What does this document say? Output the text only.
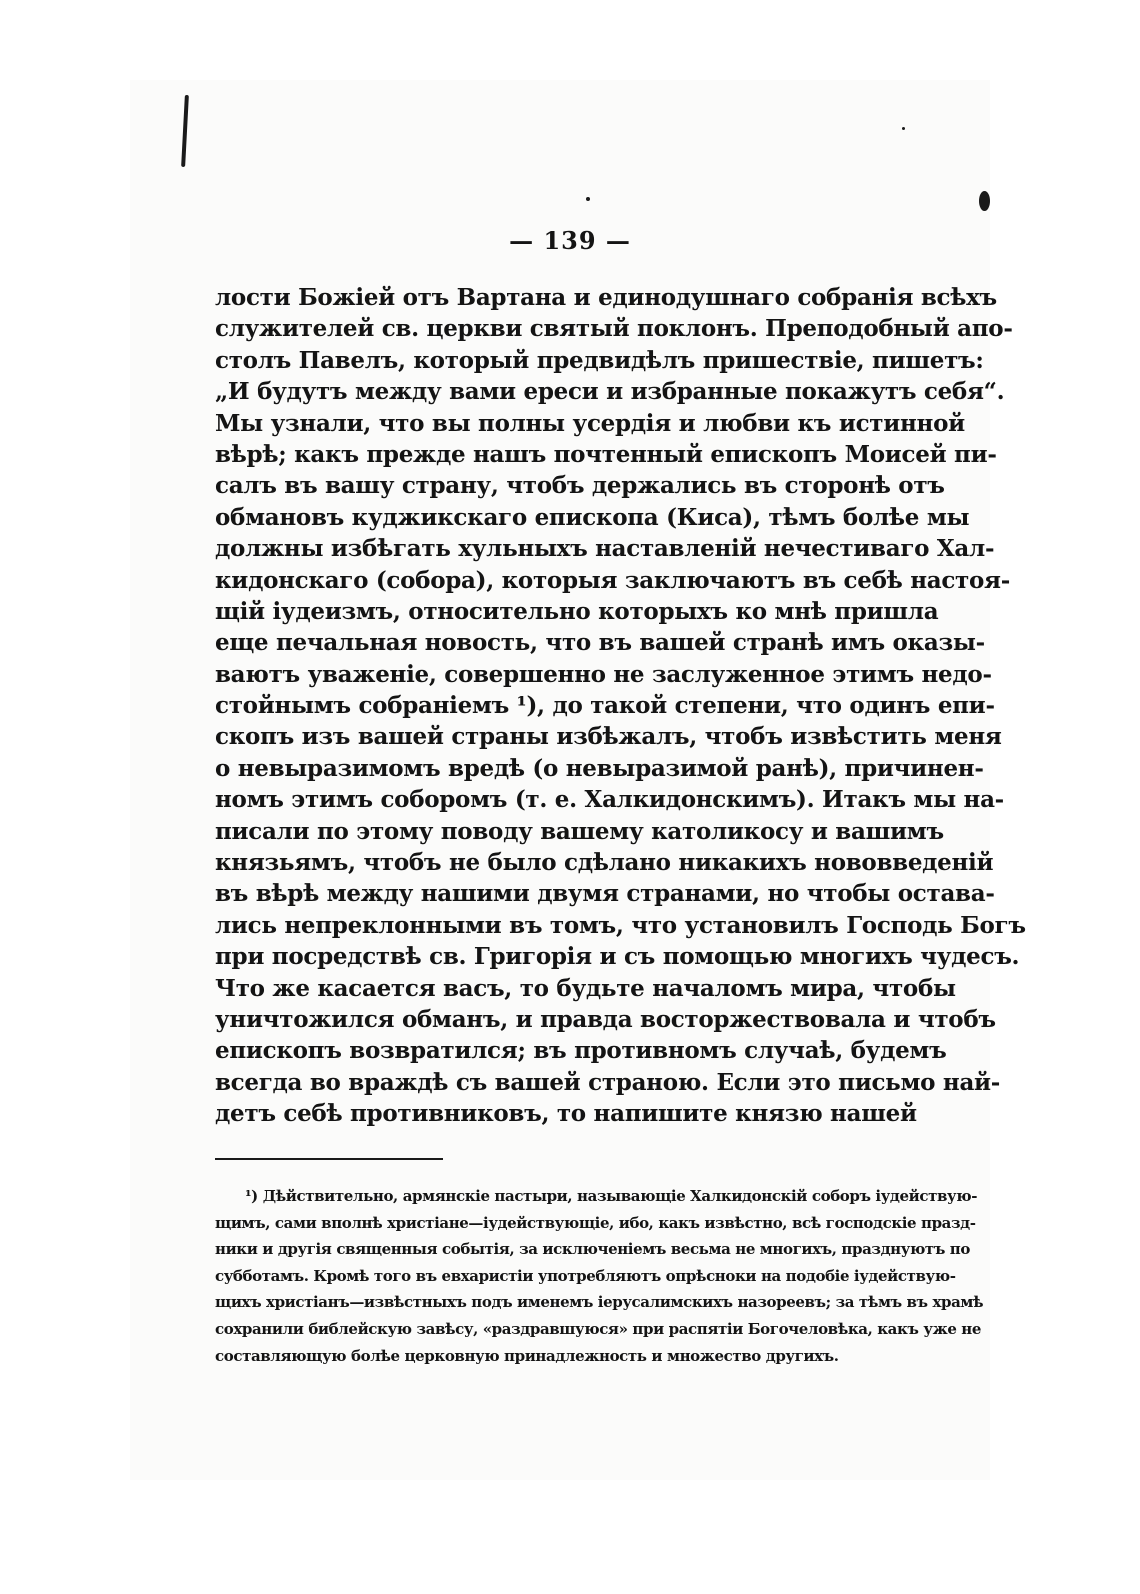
— 139 —
лости Божіей отъ Вартана и единодушнаго собранія всѣхъ
служителей св. церкви святый поклонъ. Преподобный апо-
столъ Павелъ, который предвидѣлъ пришествіе, пишетъ:
„И будутъ между вами ереси и избранные покажутъ себя“.
Мы узнали, что вы полны усердія и любви къ истинной
вѣрѣ; какъ прежде нашъ почтенный епископъ Моисей пи-
салъ въ вашу страну, чтобъ держались въ сторонѣ отъ
обмановъ куджикскаго епископа (Киса), тѣмъ болѣе мы
должны избѣгать хульныхъ наставленій нечестиваго Хал-
кидонскаго (собора), которыя заключаютъ въ себѣ настоя-
щій іудеизмъ, относительно которыхъ ко мнѣ пришла
еще печальная новость, что въ вашей странѣ имъ оказы-
ваютъ уваженіе, совершенно не заслуженное этимъ недо-
стойнымъ собраніемъ ¹), до такой степени, что одинъ епи-
скопъ изъ вашей страны избѣжалъ, чтобъ извѣстить меня
о невыразимомъ вредѣ (о невыразимой ранѣ), причинен-
номъ этимъ соборомъ (т. е. Халкидонскимъ). Итакъ мы на-
писали по этому поводу вашему католикосу и вашимъ
князьямъ, чтобъ не было сдѣлано никакихъ нововведеній
въ вѣрѣ между нашими двумя странами, но чтобы остава-
лись непреклонными въ томъ, что установилъ Господь Богъ
при посредствѣ св. Григорія и съ помощью многихъ чудесъ.
Что же касается васъ, то будьте началомъ мира, чтобы
уничтожился обманъ, и правда восторжествовала и чтобъ
епископъ возвратился; въ противномъ случаѣ, будемъ
всегда во враждѣ съ вашей страною. Если это письмо най-
детъ себѣ противниковъ, то напишите князю нашей
¹) Дѣйствительно, армянскіе пастыри, называющіе Халкидонскій соборъ іудействую-
щимъ, сами вполнѣ христіане—іудействующіе, ибо, какъ извѣстно, всѣ господскіе празд-
ники и другія священныя событія, за исключеніемъ весьма не многихъ, празднуютъ по
субботамъ. Кромѣ того въ евхаристіи употребляютъ опрѣсноки на подобіе іудействую-
щихъ христіанъ—извѣстныхъ подъ именемъ іерусалимскихъ назореевъ; за тѣмъ въ храмѣ
сохранили библейскую завѣсу, «раздравшуюся» при распятіи Богочеловѣка, какъ уже не
составляющую болѣе церковную принадлежность и множество другихъ.
